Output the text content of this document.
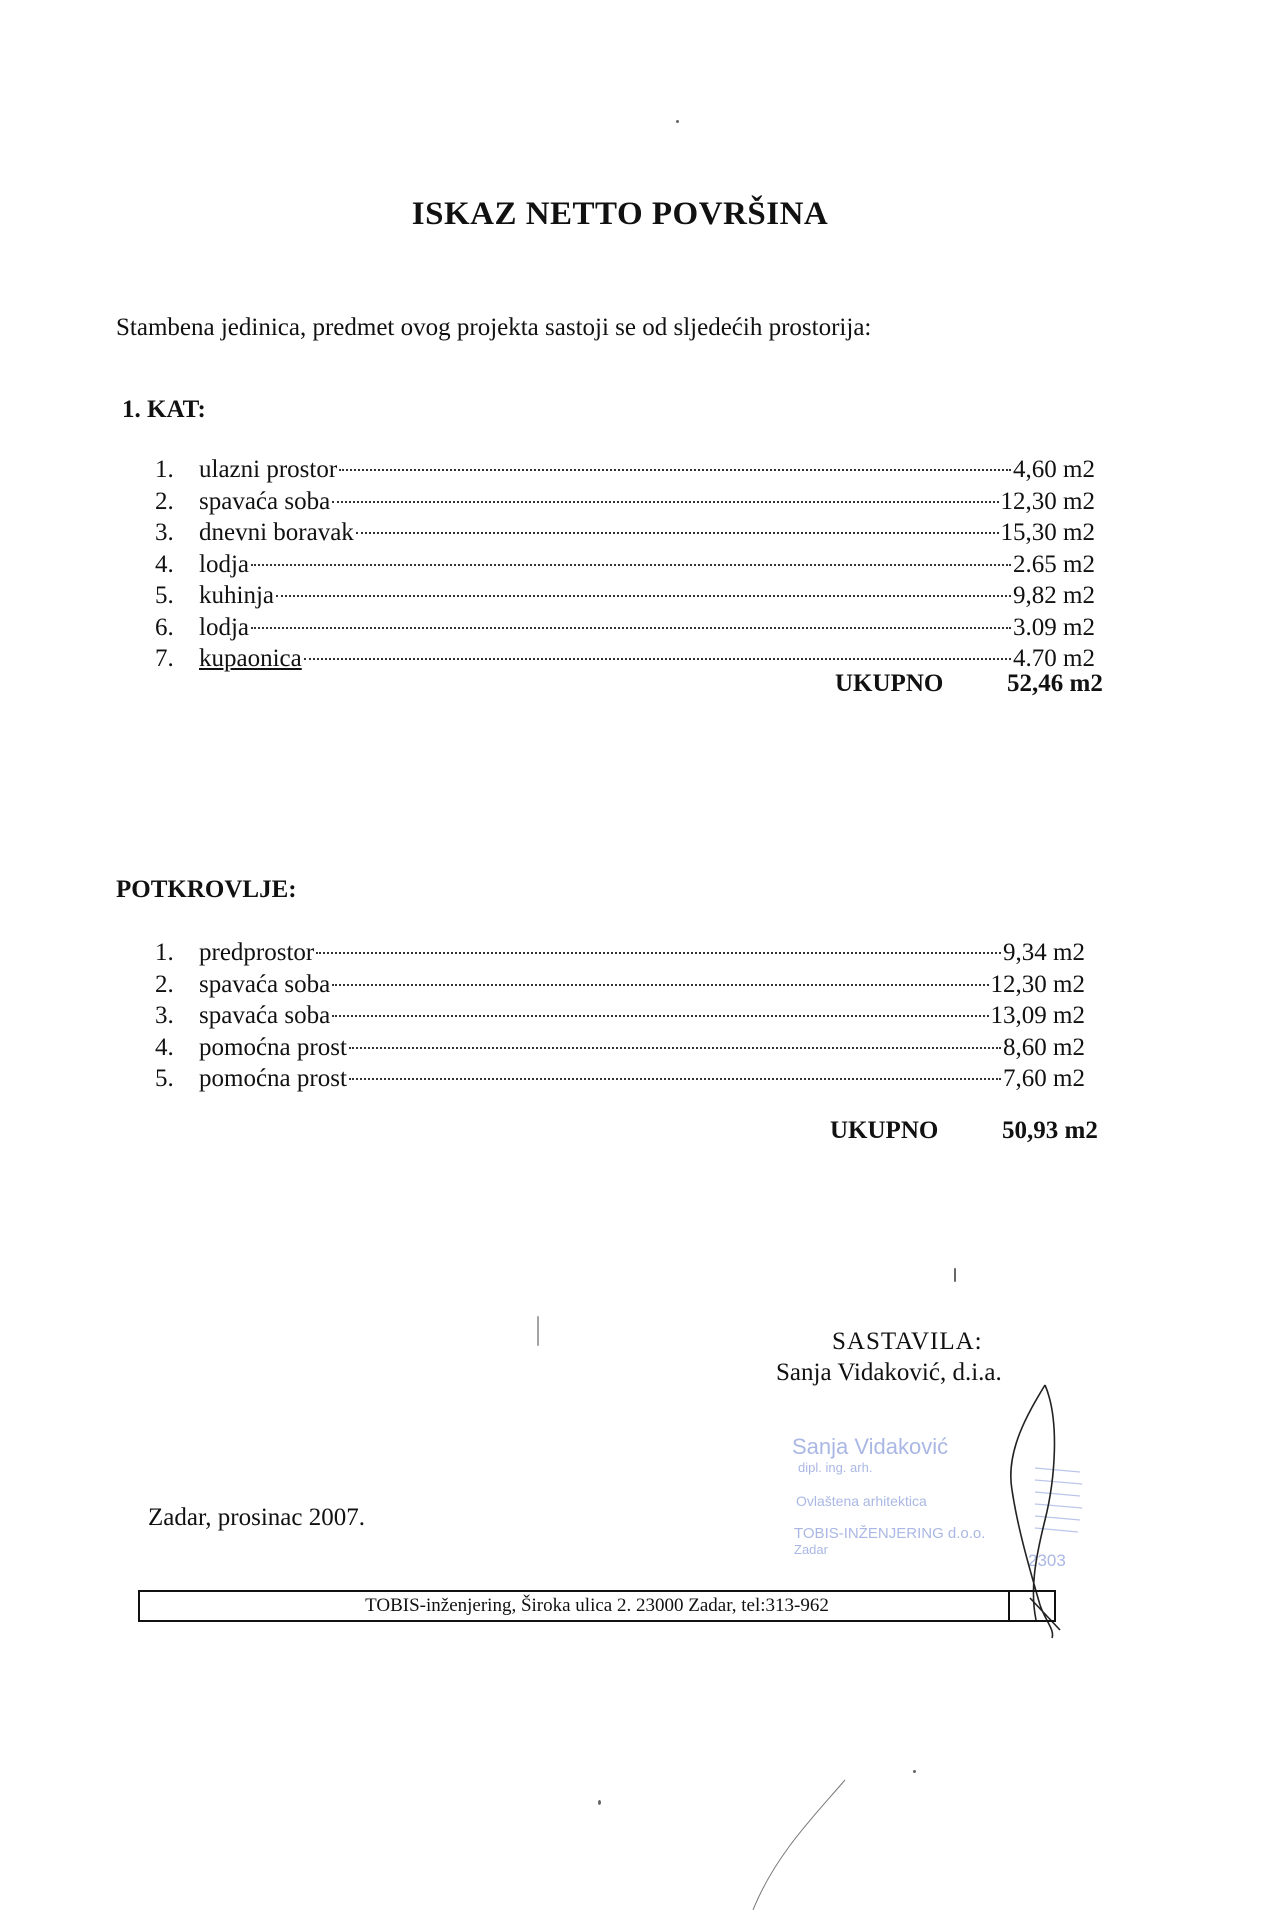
ISKAZ NETTO POVRŠINA
Stambena jedinica, predmet ovog projekta sastoji se od sljedećih prostorija:
1. KAT:
1.	ulazni prostor	4,60 m2
2.	spavaća soba	12,30 m2
3.	dnevni boravak	15,30 m2
4.	lodja	2.65 m2
5.	kuhinja	9,82 m2
6.	lodja	3.09 m2
7.	kupaonica	4.70 m2
UKUPNO	52,46 m2
POTKROVLJE:
1.	predprostor	9,34 m2
2.	spavaća soba	12,30 m2
3.	spavaća soba	13,09 m2
4.	pomoćna prost	8,60 m2
5.	pomoćna prost	7,60 m2
UKUPNO	50,93 m2
SASTAVILA:
Sanja Vidaković, d.i.a.
Sanja Vidaković
dipl. ing. arh.
Ovlaštena arhitektica
TOBIS-INŽENJERING d.o.o.
Zadar
2303
Zadar, prosinac 2007.
TOBIS-inženjering, Široka ulica 2. 23000 Zadar, tel:313-962
